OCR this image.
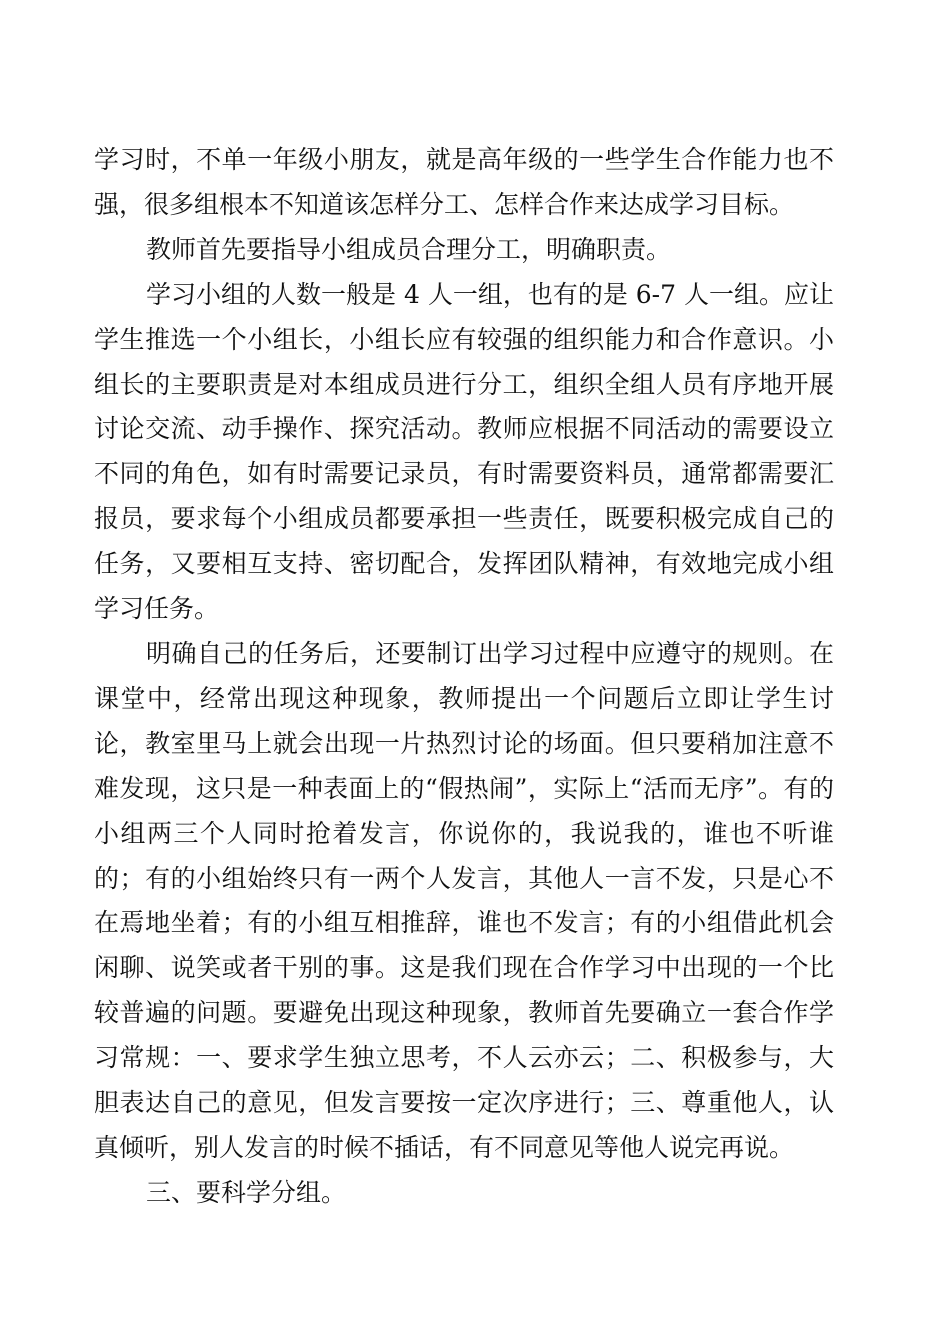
学习时，不单一年级小朋友，就是高年级的一些学生合作能力也不强，很多组根本不知道该怎样分工、怎样合作来达成学习目标。

教师首先要指导小组成员合理分工，明确职责。

学习小组的人数一般是 4 人一组，也有的是 6-7 人一组。应让学生推选一个小组长，小组长应有较强的组织能力和合作意识。小组长的主要职责是对本组成员进行分工，组织全组人员有序地开展讨论交流、动手操作、探究活动。教师应根据不同活动的需要设立不同的角色，如有时需要记录员，有时需要资料员，通常都需要汇报员，要求每个小组成员都要承担一些责任，既要积极完成自己的任务，又要相互支持、密切配合，发挥团队精神，有效地完成小组学习任务。

明确自己的任务后，还要制订出学习过程中应遵守的规则。在课堂中，经常出现这种现象，教师提出一个问题后立即让学生讨论，教室里马上就会出现一片热烈讨论的场面。但只要稍加注意不难发现，这只是一种表面上的“假热闹”，实际上“活而无序”。有的小组两三个人同时抢着发言，你说你的，我说我的，谁也不听谁的；有的小组始终只有一两个人发言，其他人一言不发，只是心不在焉地坐着；有的小组互相推辞，谁也不发言；有的小组借此机会闲聊、说笑或者干别的事。这是我们现在合作学习中出现的一个比较普遍的问题。要避免出现这种现象，教师首先要确立一套合作学习常规：一、要求学生独立思考，不人云亦云；二、积极参与，大胆表达自己的意见，但发言要按一定次序进行；三、尊重他人，认真倾听，别人发言的时候不插话，有不同意见等他人说完再说。

三、要科学分组。
